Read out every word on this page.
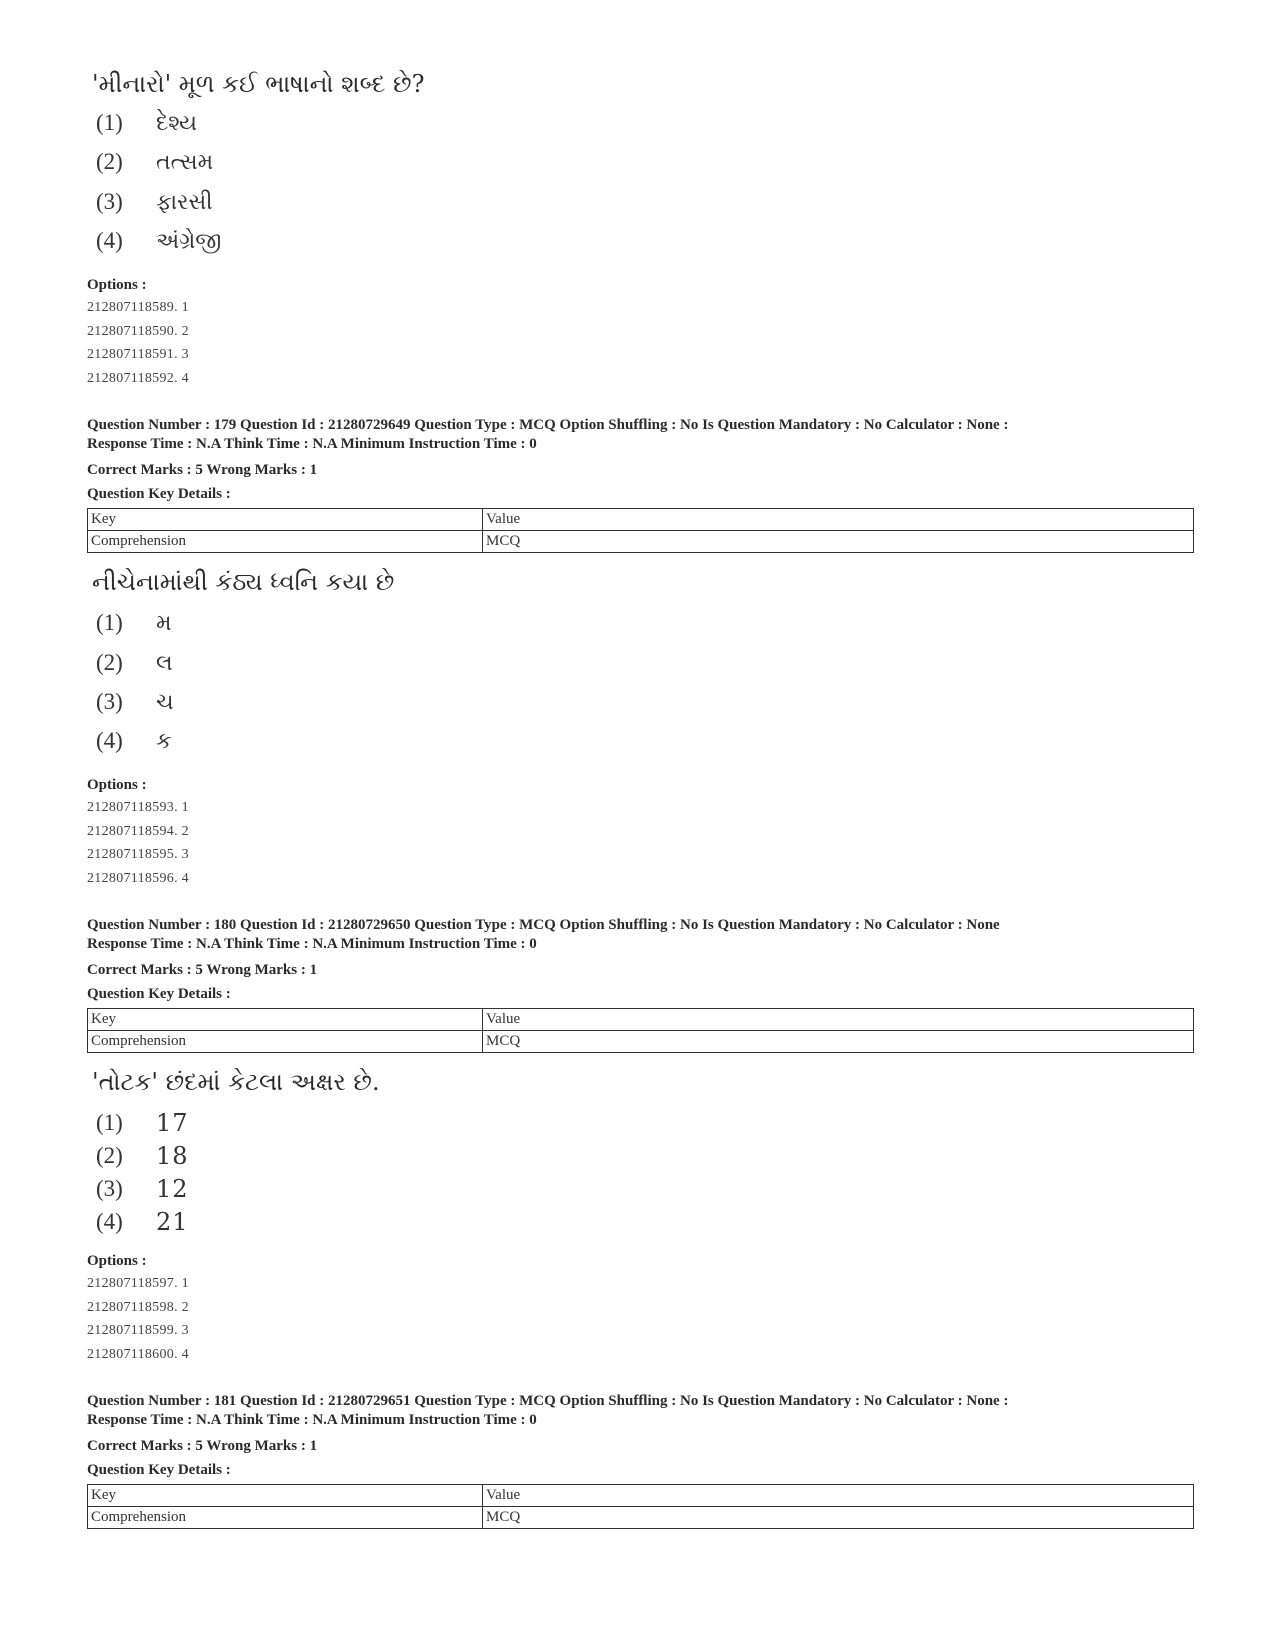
'મીનારો' મૂળ કઈ ભાષાનો શબ્દ છે?
(1)	દેશ્ય
(2)	તત્સમ
(3)	ફારસી
(4)	અંગ્રેજી
Options :
212807118589. 1
212807118590. 2
212807118591. 3
212807118592. 4
Question Number : 179 Question Id : 21280729649 Question Type : MCQ Option Shuffling : No Is Question Mandatory : No Calculator : None :
Response Time : N.A Think Time : N.A Minimum Instruction Time : 0
Correct Marks : 5 Wrong Marks : 1
Question Key Details :
Key	Value
Comprehension	MCQ
નીચેનામાંથી કંઠ્ય ધ્વનિ કયા છે
(1)	મ
(2)	લ
(3)	ચ
(4)	ક
Options :
212807118593. 1
212807118594. 2
212807118595. 3
212807118596. 4
Question Number : 180 Question Id : 21280729650 Question Type : MCQ Option Shuffling : No Is Question Mandatory : No Calculator : None
Response Time : N.A Think Time : N.A Minimum Instruction Time : 0
Correct Marks : 5 Wrong Marks : 1
Question Key Details :
Key	Value
Comprehension	MCQ
'તોટક' છંદમાં કેટલા અક્ષર છે.
(1)	17
(2)	18
(3)	12
(4)	21
Options :
212807118597. 1
212807118598. 2
212807118599. 3
212807118600. 4
Question Number : 181 Question Id : 21280729651 Question Type : MCQ Option Shuffling : No Is Question Mandatory : No Calculator : None :
Response Time : N.A Think Time : N.A Minimum Instruction Time : 0
Correct Marks : 5 Wrong Marks : 1
Question Key Details :
Key	Value
Comprehension	MCQ
